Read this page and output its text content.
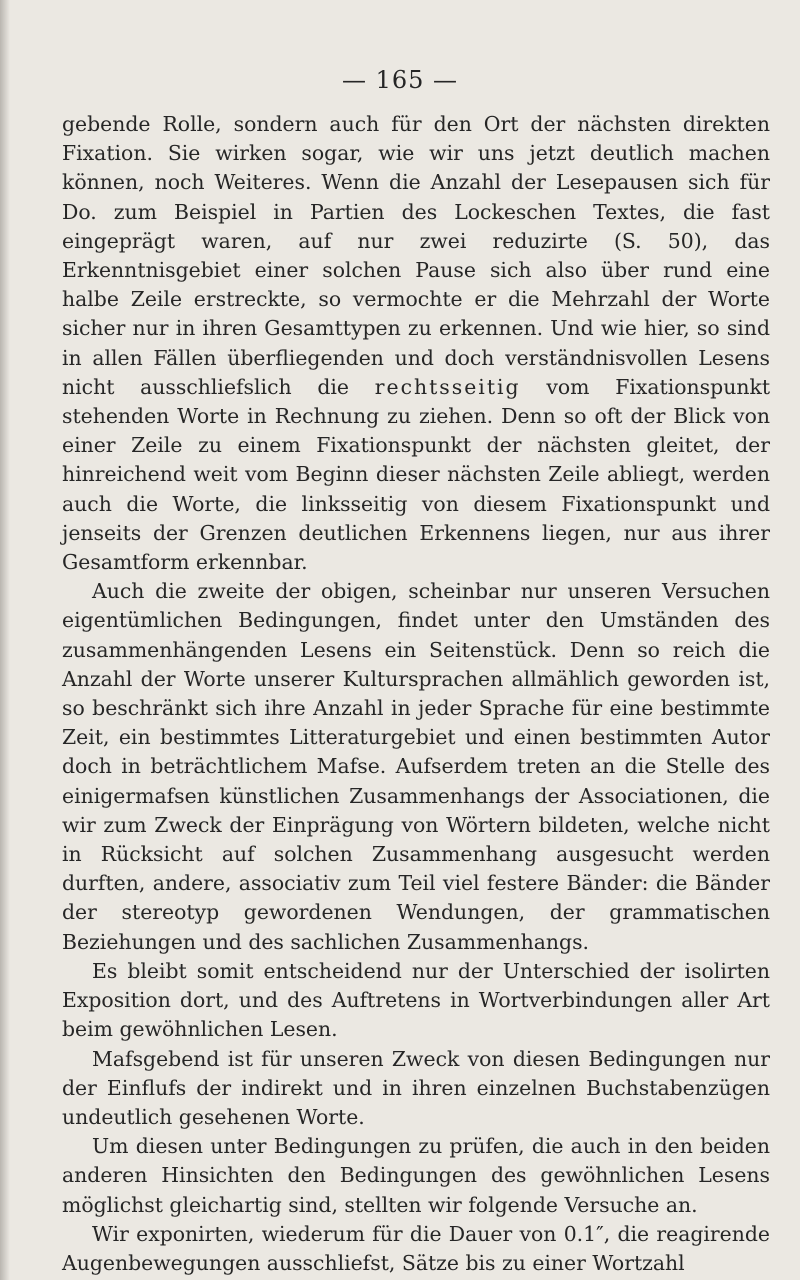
— 165 —

gebende Rolle, sondern auch für den Ort der nächsten direkten Fixation. Sie wirken sogar, wie wir uns jetzt deutlich machen können, noch Weiteres. Wenn die Anzahl der Lesepausen sich für Do. zum Beispiel in Partien des Lockeschen Textes, die fast eingeprägt waren, auf nur zwei reduzirte (S. 50), das Erkenntnisgebiet einer solchen Pause sich also über rund eine halbe Zeile erstreckte, so vermochte er die Mehrzahl der Worte sicher nur in ihren Gesamttypen zu erkennen. Und wie hier, so sind in allen Fällen überfliegenden und doch verständnisvollen Lesens nicht ausschliefslich die rechtsseitig vom Fixationspunkt stehenden Worte in Rechnung zu ziehen. Denn so oft der Blick von einer Zeile zu einem Fixationspunkt der nächsten gleitet, der hinreichend weit vom Beginn dieser nächsten Zeile abliegt, werden auch die Worte, die linksseitig von diesem Fixationspunkt und jenseits der Grenzen deutlichen Erkennens liegen, nur aus ihrer Gesamtform erkennbar.

Auch die zweite der obigen, scheinbar nur unseren Versuchen eigentümlichen Bedingungen, findet unter den Umständen des zusammenhängenden Lesens ein Seitenstück. Denn so reich die Anzahl der Worte unserer Kultursprachen allmählich geworden ist, so beschränkt sich ihre Anzahl in jeder Sprache für eine bestimmte Zeit, ein bestimmtes Litteraturgebiet und einen bestimmten Autor doch in beträchtlichem Mafse. Aufserdem treten an die Stelle des einigermafsen künstlichen Zusammenhangs der Associationen, die wir zum Zweck der Einprägung von Wörtern bildeten, welche nicht in Rücksicht auf solchen Zusammenhang ausgesucht werden durften, andere, associativ zum Teil viel festere Bänder: die Bänder der stereotyp gewordenen Wendungen, der grammatischen Beziehungen und des sachlichen Zusammenhangs.

Es bleibt somit entscheidend nur der Unterschied der isolirten Exposition dort, und des Auftretens in Wortverbindungen aller Art beim gewöhnlichen Lesen.

Mafsgebend ist für unseren Zweck von diesen Bedingungen nur der Einflufs der indirekt und in ihren einzelnen Buchstabenzügen undeutlich gesehenen Worte.

Um diesen unter Bedingungen zu prüfen, die auch in den beiden anderen Hinsichten den Bedingungen des gewöhnlichen Lesens möglichst gleichartig sind, stellten wir folgende Versuche an.

Wir exponirten, wiederum für die Dauer von 0.1″, die reagirende Augenbewegungen ausschliefst, Sätze bis zu einer Wortzahl
